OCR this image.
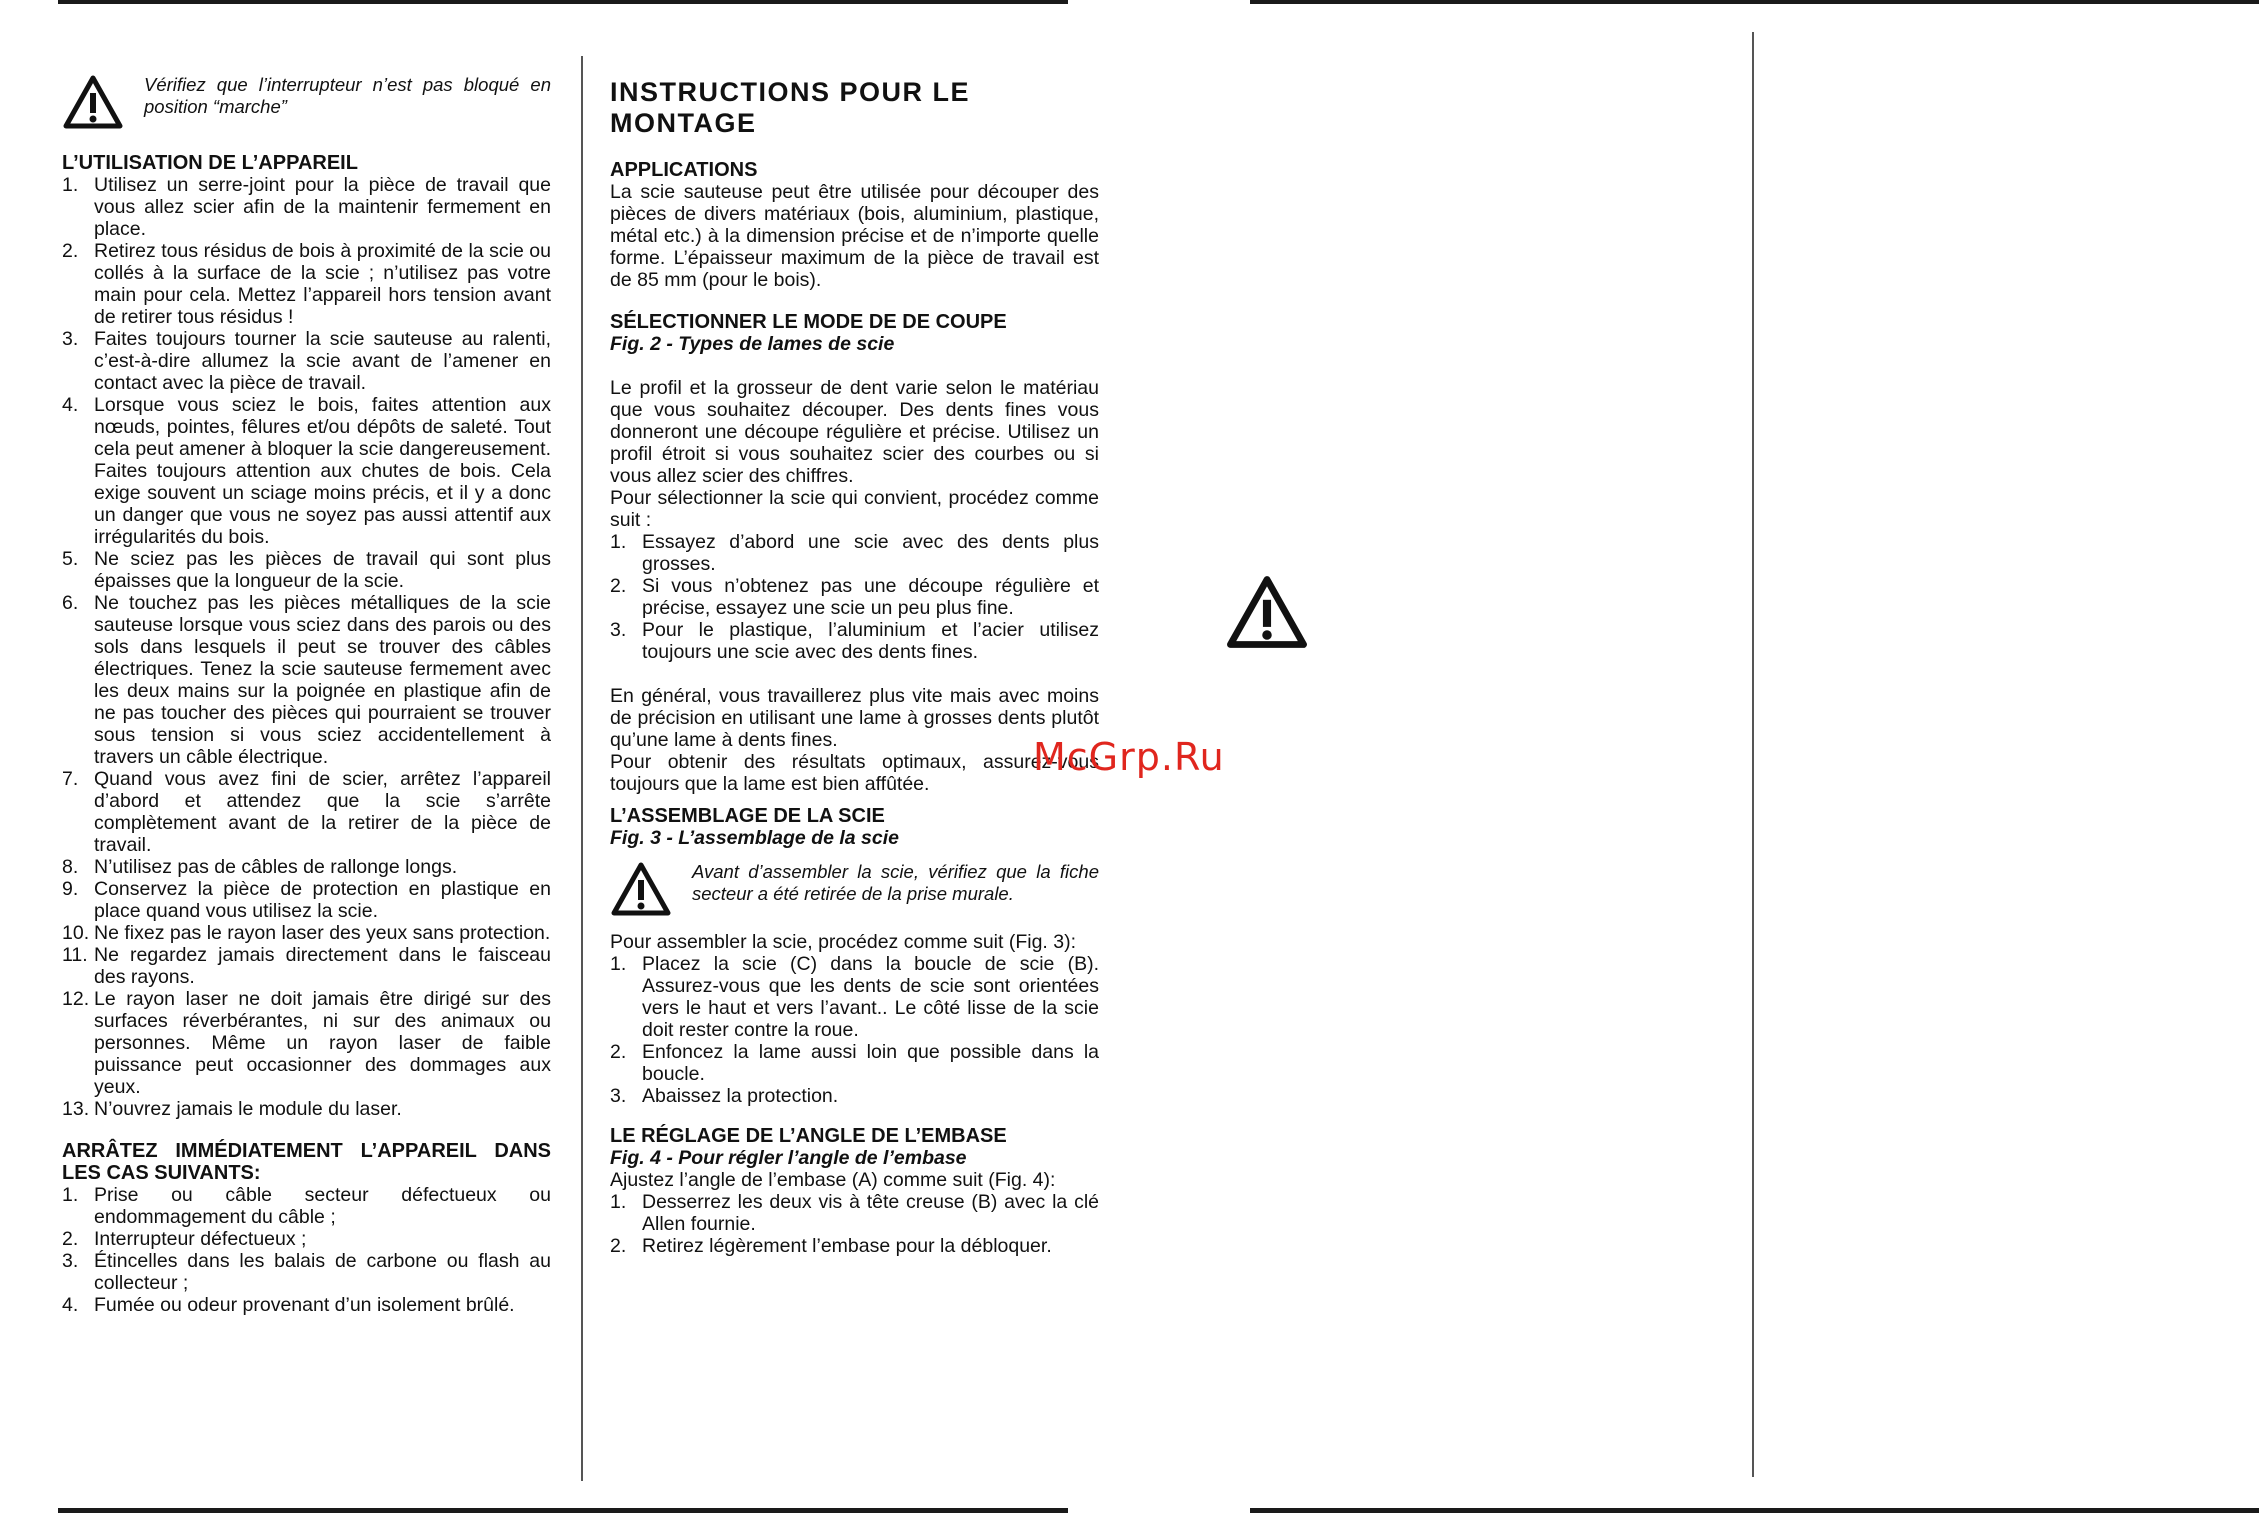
Vérifiez que l’interrupteur n’est pas bloqué en position “marche”
L’UTILISATION DE L’APPAREIL
1. Utilisez un serre-joint pour la pièce de travail que vous allez scier afin de la maintenir fermement en place.
2. Retirez tous résidus de bois à proximité de la scie ou collés à la surface de la scie ; n’utilisez pas votre main pour cela. Mettez l’appareil hors tension avant de retirer tous résidus !
3. Faites toujours tourner la scie sauteuse au ralenti, c’est-à-dire allumez la scie avant de l’amener en contact avec la pièce de travail.
4. Lorsque vous sciez le bois, faites attention aux nœuds, pointes, fêlures et/ou dépôts de saleté. Tout cela peut amener à bloquer la scie dangereusement. Faites toujours attention aux chutes de bois. Cela exige souvent un sciage moins précis, et il y a donc un danger que vous ne soyez pas aussi attentif aux irrégularités du bois.
5. Ne sciez pas les pièces de travail qui sont plus épaisses que la longueur de la scie.
6. Ne touchez pas les pièces métalliques de la scie sauteuse lorsque vous sciez dans des parois ou des sols dans lesquels il peut se trouver des câbles électriques. Tenez la scie sauteuse fermement avec les deux mains sur la poignée en plastique afin de ne pas toucher des pièces qui pourraient se trouver sous tension si vous sciez accidentellement à travers un câble électrique.
7. Quand vous avez fini de scier, arrêtez l’appareil d’abord et attendez que la scie s’arrête complètement avant de la retirer de la pièce de travail.
8. N’utilisez pas de câbles de rallonge longs.
9. Conservez la pièce de protection en plastique en place quand vous utilisez la scie.
10. Ne fixez pas le rayon laser des yeux sans protection.
11. Ne regardez jamais directement dans le faisceau des rayons.
12. Le rayon laser ne doit jamais être dirigé sur des surfaces réverbérantes, ni sur des animaux ou personnes. Même un rayon laser de faible puissance peut occasionner des dommages aux yeux.
13. N’ouvrez jamais le module du laser.
ARRÂTEZ IMMÉDIATEMENT L’APPAREIL DANS LES CAS SUIVANTS:
1. Prise ou câble secteur défectueux ou endommagement du câble ;
2. Interrupteur défectueux ;
3. Étincelles dans les balais de carbone ou flash au collecteur ;
4. Fumée ou odeur provenant d’un isolement brûlé.
INSTRUCTIONS POUR LE MONTAGE
APPLICATIONS

La scie sauteuse peut être utilisée pour découper des pièces de divers matériaux (bois, aluminium, plastique, métal etc.) à la dimension précise et de n’importe quelle forme. L’épaisseur maximum de la pièce de travail est de 85 mm (pour le bois).

SÉLECTIONNER LE MODE DE DE COUPE

Fig. 2 - Types de lames de scie

Le profil et la grosseur de dent varie selon le matériau que vous souhaitez découper. Des dents fines vous donneront une découpe régulière et précise. Utilisez un profil étroit si vous souhaitez scier des courbes ou si vous allez scier des chiffres.

Pour sélectionner la scie qui convient, procédez comme suit :

1. Essayez d’abord une scie avec des dents plus grosses.
2. Si vous n’obtenez pas une découpe régulière et précise, essayez une scie un peu plus fine.
3. Pour le plastique, l’aluminium et l’acier utilisez toujours une scie avec des dents fines.

En général, vous travaillerez plus vite mais avec moins de précision en utilisant une lame à grosses dents plutôt qu’une lame à dents fines.

Pour obtenir des résultats optimaux, assurez-vous toujours que la lame est bien affûtée.

L’ASSEMBLAGE DE LA SCIE

Fig. 3 - L’assemblage de la scie

Avant d’assembler la scie, vérifiez que la fiche secteur a été retirée de la prise murale.

Pour assembler la scie, procédez comme suit (Fig. 3):

1. Placez la scie (C) dans la boucle de scie (B). Assurez-vous que les dents de scie sont orientées vers le haut et vers l’avant.. Le côté lisse de la scie doit rester contre la roue.
2. Enfoncez la lame aussi loin que possible dans la boucle.
3. Abaissez la protection.
LE RÉGLAGE DE L’ANGLE DE L’EMBASE

Fig. 4 - Pour régler l’angle de l’embase

Ajustez l’angle de l’embase (A) comme suit (Fig. 4):

1. Desserrez les deux vis à tête creuse (B) avec la clé Allen fournie.
2. Retirez légèrement l’embase pour la débloquer.
McGrp.Ru
